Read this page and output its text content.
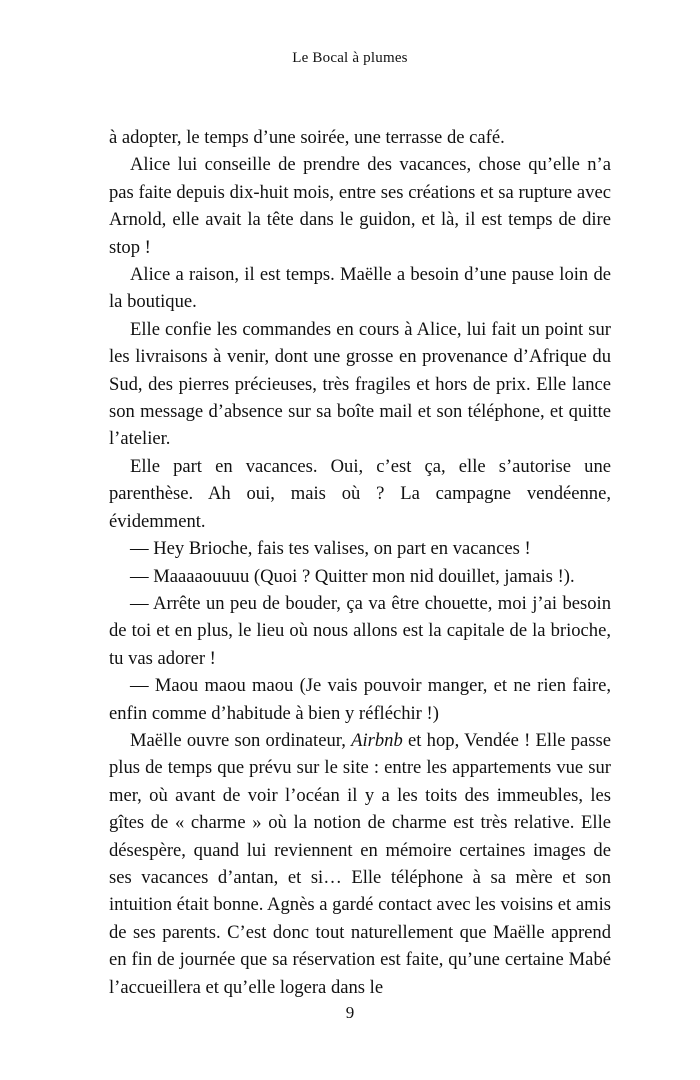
Le Bocal à plumes

à adopter, le temps d’une soirée, une terrasse de café.

Alice lui conseille de prendre des vacances, chose qu’elle n’a pas faite depuis dix-huit mois, entre ses créations et sa rupture avec Arnold, elle avait la tête dans le guidon, et là, il est temps de dire stop !

Alice a raison, il est temps. Maëlle a besoin d’une pause loin de la boutique.

Elle confie les commandes en cours à Alice, lui fait un point sur les livraisons à venir, dont une grosse en provenance d’Afrique du Sud, des pierres précieuses, très fragiles et hors de prix. Elle lance son message d’absence sur sa boîte mail et son téléphone, et quitte l’atelier.

Elle part en vacances. Oui, c’est ça, elle s’autorise une parenthèse. Ah oui, mais où ? La campagne vendéenne, évidemment.

— Hey Brioche, fais tes valises, on part en vacances !

— Maaaaouuuu (Quoi ? Quitter mon nid douillet, jamais !).

— Arrête un peu de bouder, ça va être chouette, moi j’ai besoin de toi et en plus, le lieu où nous allons est la capitale de la brioche, tu vas adorer !

— Maou maou maou (Je vais pouvoir manger, et ne rien faire, enfin comme d’habitude à bien y réfléchir !)

Maëlle ouvre son ordinateur, Airbnb et hop, Vendée ! Elle passe plus de temps que prévu sur le site : entre les appartements vue sur mer, où avant de voir l’océan il y a les toits des immeubles, les gîtes de « charme » où la notion de charme est très relative. Elle désespère, quand lui reviennent en mémoire certaines images de ses vacances d’antan, et si… Elle téléphone à sa mère et son intuition était bonne. Agnès a gardé contact avec les voisins et amis de ses parents. C’est donc tout naturellement que Maëlle apprend en fin de journée que sa réservation est faite, qu’une certaine Mabé l’accueillera et qu’elle logera dans le

9
